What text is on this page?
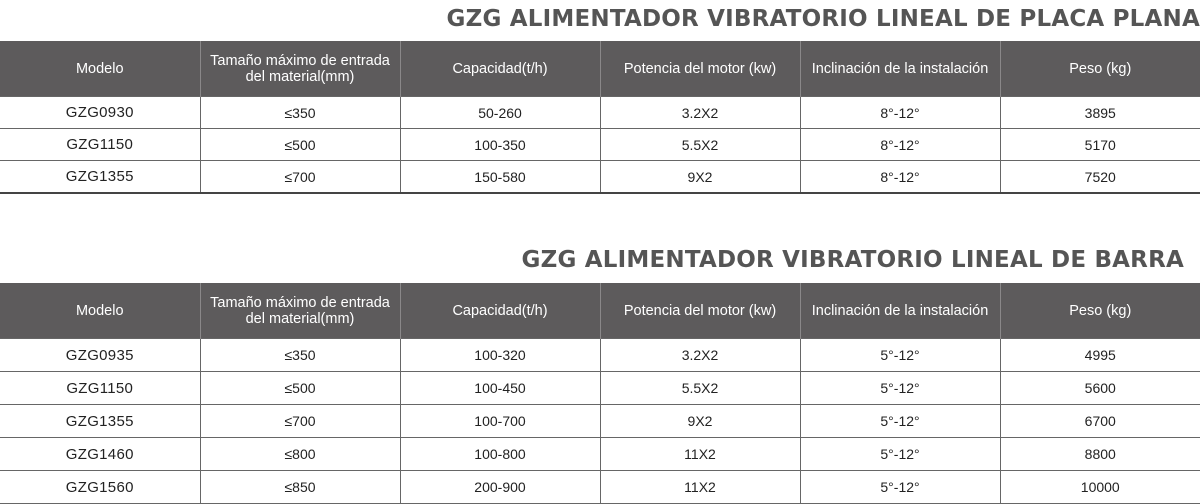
GZG ALIMENTADOR VIBRATORIO LINEAL DE PLACA PLANA
Modelo	Tamaño máximo de entrada del material(mm)	Capacidad(t/h)	Potencia del motor (kw)	Inclinación de la instalación	Peso (kg)
GZG0930	≤350	50-260	3.2X2	8°-12°	3895
GZG1150	≤500	100-350	5.5X2	8°-12°	5170
GZG1355	≤700	150-580	9X2	8°-12°	7520
GZG ALIMENTADOR VIBRATORIO LINEAL DE BARRA
Modelo	Tamaño máximo de entrada del material(mm)	Capacidad(t/h)	Potencia del motor (kw)	Inclinación de la instalación	Peso (kg)
GZG0935	≤350	100-320	3.2X2	5°-12°	4995
GZG1150	≤500	100-450	5.5X2	5°-12°	5600
GZG1355	≤700	100-700	9X2	5°-12°	6700
GZG1460	≤800	100-800	11X2	5°-12°	8800
GZG1560	≤850	200-900	11X2	5°-12°	10000
